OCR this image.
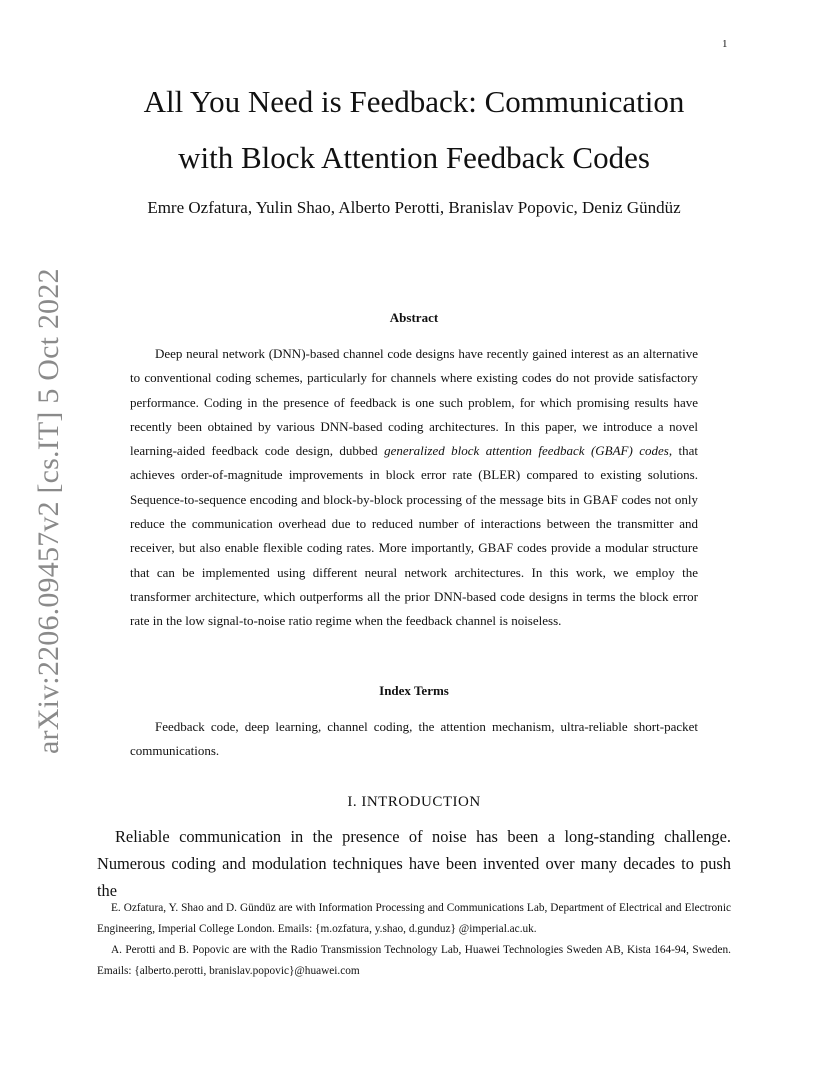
1
arXiv:2206.09457v2 [cs.IT] 5 Oct 2022
All You Need is Feedback: Communication
with Block Attention Feedback Codes
Emre Ozfatura, Yulin Shao, Alberto Perotti, Branislav Popovic, Deniz Gündüz
Abstract

Deep neural network (DNN)-based channel code designs have recently gained interest as an alternative to conventional coding schemes, particularly for channels where existing codes do not provide satisfactory performance. Coding in the presence of feedback is one such problem, for which promising results have recently been obtained by various DNN-based coding architectures. In this paper, we introduce a novel learning-aided feedback code design, dubbed generalized block attention feedback (GBAF) codes, that achieves order-of-magnitude improvements in block error rate (BLER) compared to existing solutions. Sequence-to-sequence encoding and block-by-block processing of the message bits in GBAF codes not only reduce the communication overhead due to reduced number of interactions between the transmitter and receiver, but also enable flexible coding rates. More importantly, GBAF codes provide a modular structure that can be implemented using different neural network architectures. In this work, we employ the transformer architecture, which outperforms all the prior DNN-based code designs in terms the block error rate in the low signal-to-noise ratio regime when the feedback channel is noiseless.

Index Terms

Feedback code, deep learning, channel coding, the attention mechanism, ultra-reliable short-packet communications.

I. INTRODUCTION

Reliable communication in the presence of noise has been a long-standing challenge. Numerous coding and modulation techniques have been invented over many decades to push the

E. Ozfatura, Y. Shao and D. Gündüz are with Information Processing and Communications Lab, Department of Electrical and Electronic Engineering, Imperial College London. Emails: {m.ozfatura, y.shao, d.gunduz} @imperial.ac.uk.

A. Perotti and B. Popovic are with the Radio Transmission Technology Lab, Huawei Technologies Sweden AB, Kista 164-94, Sweden. Emails: {alberto.perotti, branislav.popovic}@huawei.com
